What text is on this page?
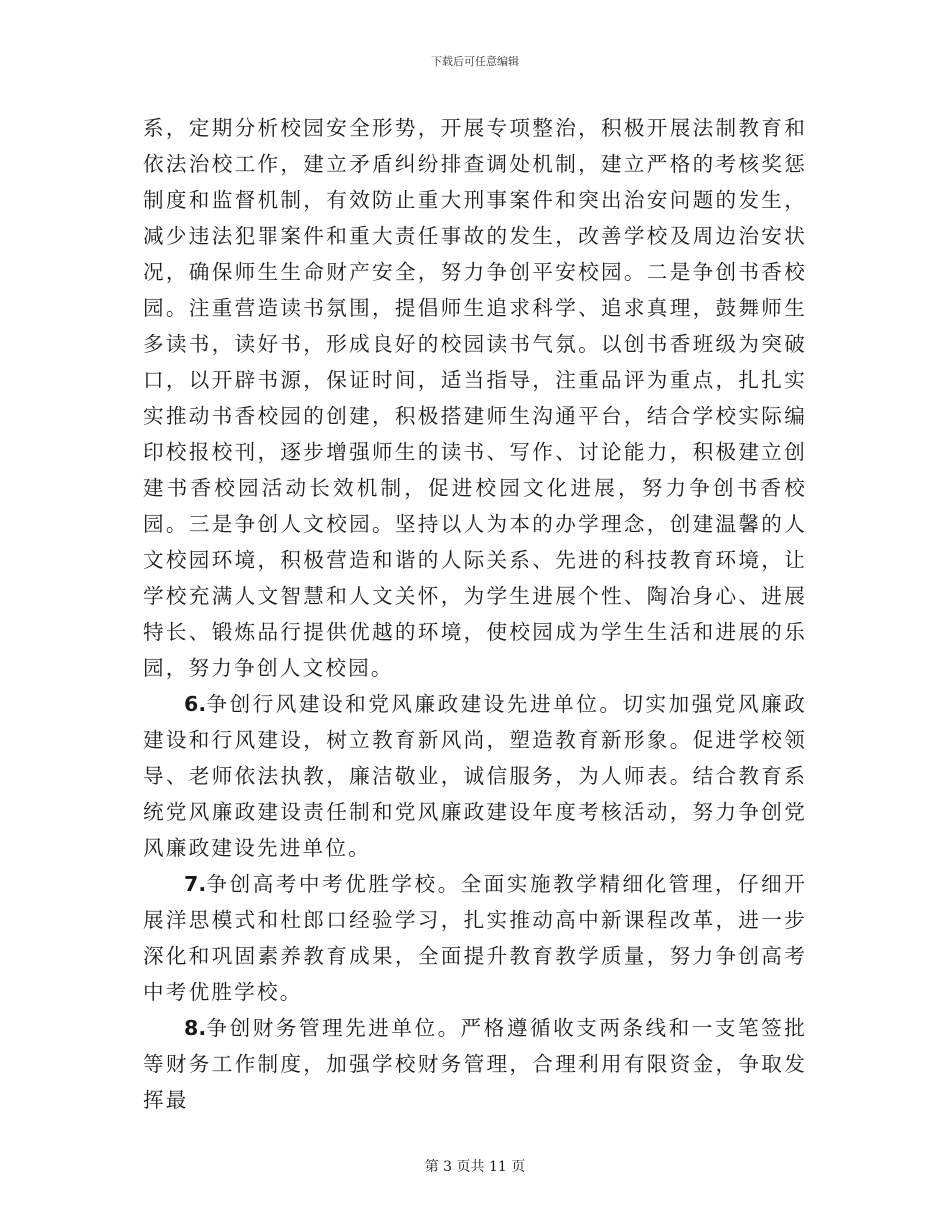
下载后可任意编辑

系，定期分析校园安全形势，开展专项整治，积极开展法制教育和依法治校工作，建立矛盾纠纷排查调处机制，建立严格的考核奖惩制度和监督机制，有效防止重大刑事案件和突出治安问题的发生，减少违法犯罪案件和重大责任事故的发生，改善学校及周边治安状况，确保师生生命财产安全，努力争创平安校园。二是争创书香校园。注重营造读书氛围，提倡师生追求科学、追求真理，鼓舞师生多读书，读好书，形成良好的校园读书气氛。以创书香班级为突破口，以开辟书源，保证时间，适当指导，注重品评为重点，扎扎实实推动书香校园的创建，积极搭建师生沟通平台，结合学校实际编印校报校刊，逐步增强师生的读书、写作、讨论能力，积极建立创建书香校园活动长效机制，促进校园文化进展，努力争创书香校园。三是争创人文校园。坚持以人为本的办学理念，创建温馨的人文校园环境，积极营造和谐的人际关系、先进的科技教育环境，让学校充满人文智慧和人文关怀，为学生进展个性、陶冶身心、进展特长、锻炼品行提供优越的环境，使校园成为学生生活和进展的乐园，努力争创人文校园。

6.争创行风建设和党风廉政建设先进单位。切实加强党风廉政建设和行风建设，树立教育新风尚，塑造教育新形象。促进学校领导、老师依法执教，廉洁敬业，诚信服务，为人师表。结合教育系统党风廉政建设责任制和党风廉政建设年度考核活动，努力争创党风廉政建设先进单位。

7.争创高考中考优胜学校。全面实施教学精细化管理，仔细开展洋思模式和杜郎口经验学习，扎实推动高中新课程改革，进一步深化和巩固素养教育成果，全面提升教育教学质量，努力争创高考中考优胜学校。

8.争创财务管理先进单位。严格遵循收支两条线和一支笔签批等财务工作制度，加强学校财务管理，合理利用有限资金，争取发挥最

第 3 页共 11 页
